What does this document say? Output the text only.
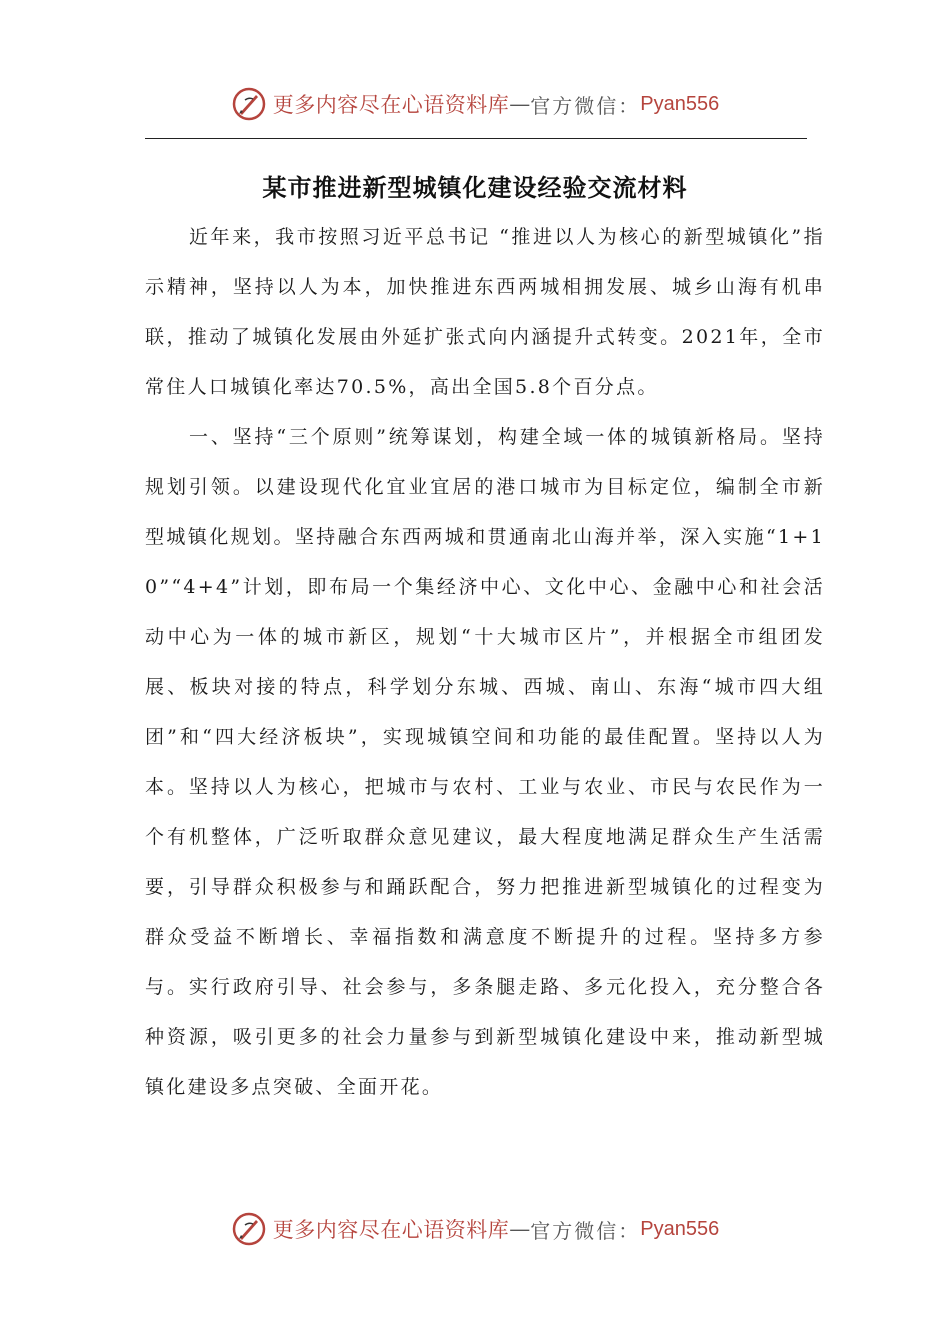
更多内容尽在心语资料库 — 官方微信： Pyan556
某市推进新型城镇化建设经验交流材料

近年来，我市按照习近平总书记 “推进以人为核心的新型城镇化”指示精神，坚持以人为本，加快推进东西两城相拥发展、城乡山海有机串联，推动了城镇化发展由外延扩张式向内涵提升式转变。2021年，全市常住人口城镇化率达70.5%，高出全国5.8个百分点。

一、坚持“三个原则”统筹谋划，构建全域一体的城镇新格局。坚持规划引领。以建设现代化宜业宜居的港口城市为目标定位，编制全市新型城镇化规划。坚持融合东西两城和贯通南北山海并举，深入实施“1+10”“4+4”计划，即布局一个集经济中心、文化中心、金融中心和社会活动中心为一体的城市新区，规划“十大城市区片”，并根据全市组团发展、板块对接的特点，科学划分东城、西城、南山、东海“城市四大组团”和“四大经济板块”，实现城镇空间和功能的最佳配置。坚持以人为本。坚持以人为核心，把城市与农村、工业与农业、市民与农民作为一个有机整体，广泛听取群众意见建议，最大程度地满足群众生产生活需要，引导群众积极参与和踊跃配合，努力把推进新型城镇化的过程变为群众受益不断增长、幸福指数和满意度不断提升的过程。坚持多方参与。实行政府引导、社会参与，多条腿走路、多元化投入，充分整合各种资源，吸引更多的社会力量参与到新型城镇化建设中来，推动新型城镇化建设多点突破、全面开花。

更多内容尽在心语资料库 — 官方微信： Pyan556
